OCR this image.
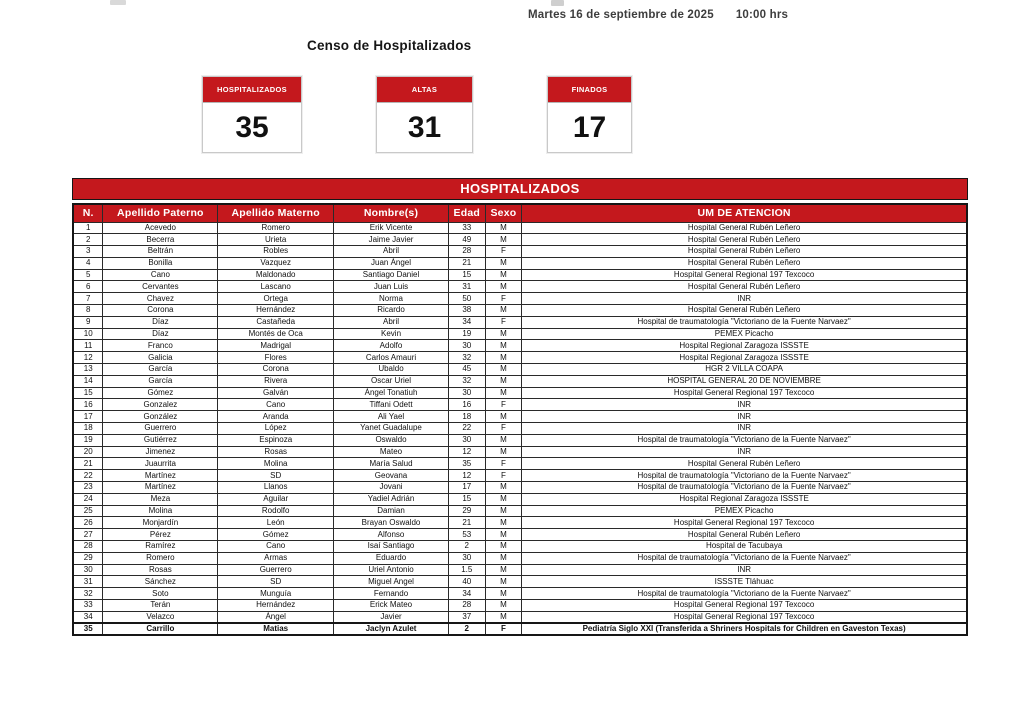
Martes 16 de septiembre de 2025 10:00 hrs
Censo de Hospitalizados
HOSPITALIZADOS
35
ALTAS
31
FINADOS
17
HOSPITALIZADOS
N.	Apellido Paterno	Apellido Materno	Nombre(s)	Edad	Sexo	UM DE ATENCION
1	Acevedo	Romero	Erik Vicente	33	M	Hospital General Rubén Leñero
2	Becerra	Urieta	Jaime Javier	49	M	Hospital General Rubén Leñero
3	Beltrán	Robles	Abril	28	F	Hospital General Rubén Leñero
4	Bonilla	Vazquez	Juan Ángel	21	M	Hospital General Rubén Leñero
5	Cano	Maldonado	Santiago Daniel	15	M	Hospital General Regional 197 Texcoco
6	Cervantes	Lascano	Juan Luis	31	M	Hospital General Rubén Leñero
7	Chavez	Ortega	Norma	50	F	INR
8	Corona	Hernández	Ricardo	38	M	Hospital General Rubén Leñero
9	Díaz	Castañeda	Abril	34	F	Hospital de traumatología "Victoriano de la Fuente Narvaez"
10	Díaz	Montés de Oca	Kevin	19	M	PEMEX Picacho
11	Franco	Madrigal	Adolfo	30	M	Hospital Regional Zaragoza ISSSTE
12	Galicia	Flores	Carlos Amauri	32	M	Hospital Regional Zaragoza ISSSTE
13	García	Corona	Ubaldo	45	M	HGR 2 VILLA COAPA
14	García	Rivera	Oscar Uriel	32	M	HOSPITAL GENERAL 20 DE NOVIEMBRE
15	Gómez	Galván	Ángel Tonatiuh	30	M	Hospital General Regional 197 Texcoco
16	Gonzalez	Cano	Tiffani Odett	16	F	INR
17	González	Aranda	Ali Yael	18	M	INR
18	Guerrero	López	Yanet Guadalupe	22	F	INR
19	Gutiérrez	Espinoza	Oswaldo	30	M	Hospital de traumatología "Victoriano de la Fuente Narvaez"
20	Jimenez	Rosas	Mateo	12	M	INR
21	Juaurrita	Molina	María Salud	35	F	Hospital General Rubén Leñero
22	Martínez	SD	Geovana	12	F	Hospital de traumatología "Victoriano de la Fuente Narvaez"
23	Martínez	Llanos	Jovani	17	M	Hospital de traumatología "Victoriano de la Fuente Narvaez"
24	Meza	Aguilar	Yadiel Adrián	15	M	Hospital Regional Zaragoza ISSSTE
25	Molina	Rodolfo	Damian	29	M	PEMEX Picacho
26	Monjardín	León	Brayan Oswaldo	21	M	Hospital General Regional 197 Texcoco
27	Pérez	Gómez	Alfonso	53	M	Hospital General Rubén Leñero
28	Ramírez	Cano	Isaí Santiago	2	M	Hospital de Tacubaya
29	Romero	Armas	Eduardo	30	M	Hospital de traumatología "Victoriano de la Fuente Narvaez"
30	Rosas	Guerrero	Uriel Antonio	1.5	M	INR
31	Sánchez	SD	Miguel Angel	40	M	ISSSTE Tláhuac
32	Soto	Munguía	Fernando	34	M	Hospital de traumatología "Victoriano de la Fuente Narvaez"
33	Terán	Hernández	Erick Mateo	28	M	Hospital General Regional 197 Texcoco
34	Velazco	Ángel	Javier	37	M	Hospital General Regional 197 Texcoco
35	Carrillo	Matias	Jaclyn Azulet	2	F	Pediatría Siglo XXI (Transferida a Shriners Hospitals for Children en Gaveston Texas)
